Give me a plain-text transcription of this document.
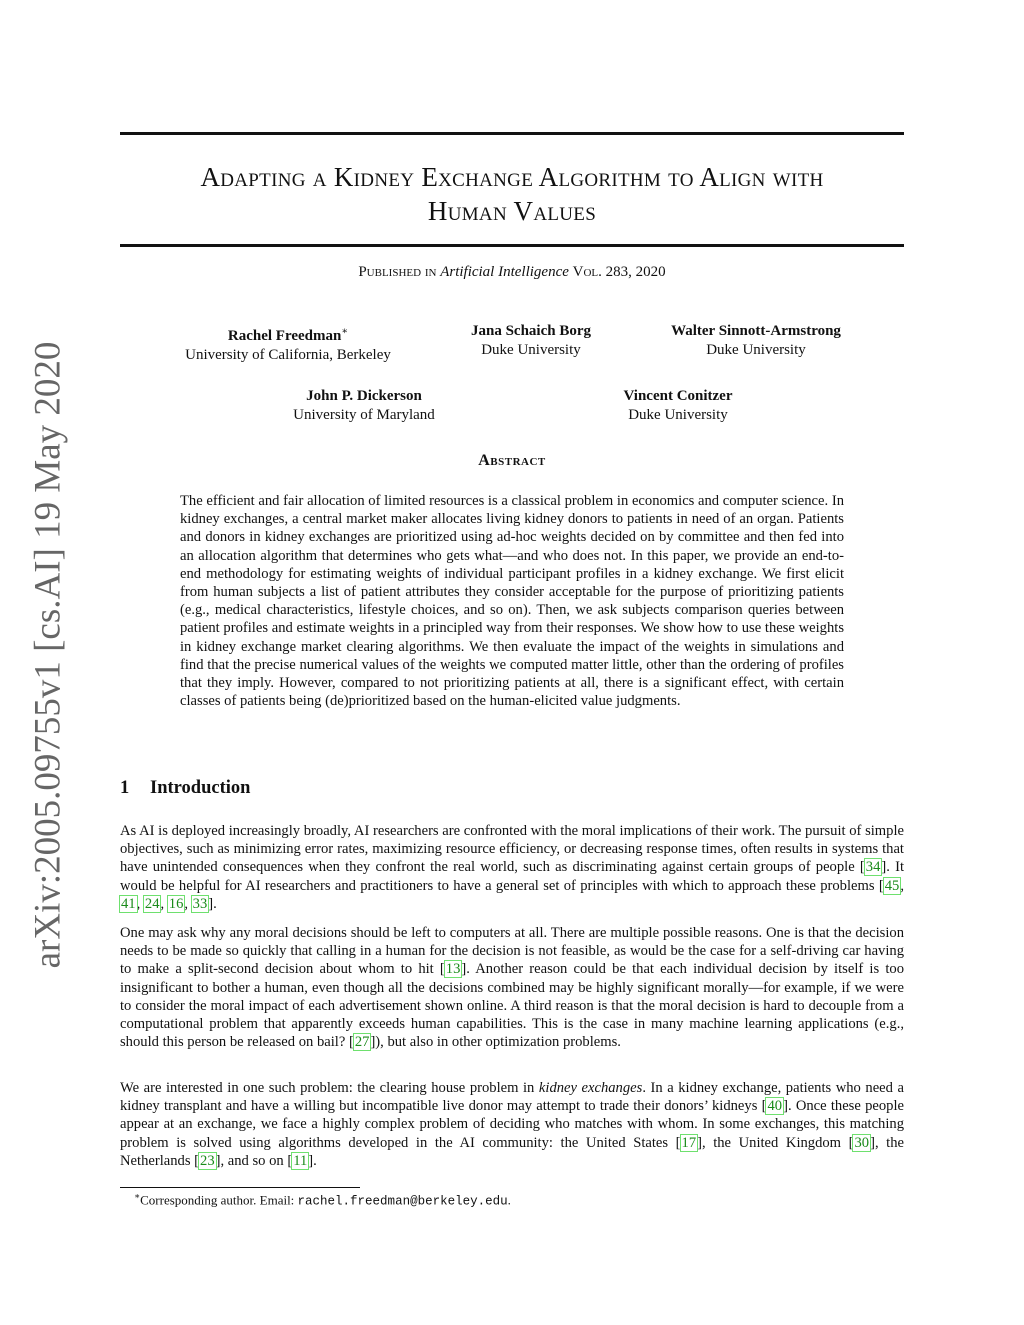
arXiv:2005.09755v1 [cs.AI] 19 May 2020
Adapting a Kidney Exchange Algorithm to Align with
Human Values
Published in Artificial Intelligence Vol. 283, 2020
Rachel Freedman∗
University of California, Berkeley
Jana Schaich Borg
Duke University
Walter Sinnott-Armstrong
Duke University
John P. Dickerson
University of Maryland
Vincent Conitzer
Duke University
Abstract
The efficient and fair allocation of limited resources is a classical problem in economics and computer science. In kidney exchanges, a central market maker allocates living kidney donors to patients in need of an organ. Patients and donors in kidney exchanges are prioritized using ad-hoc weights decided on by committee and then fed into an allocation algorithm that determines who gets what—and who does not. In this paper, we provide an end-to-end methodology for estimating weights of individual participant profiles in a kidney exchange. We first elicit from human subjects a list of patient attributes they consider acceptable for the purpose of prioritizing patients (e.g., medical characteristics, lifestyle choices, and so on). Then, we ask subjects comparison queries between patient profiles and estimate weights in a principled way from their responses. We show how to use these weights in kidney exchange market clearing algorithms. We then evaluate the impact of the weights in simulations and find that the precise numerical values of the weights we computed matter little, other than the ordering of profiles that they imply. However, compared to not prioritizing patients at all, there is a significant effect, with certain classes of patients being (de)prioritized based on the human-elicited value judgments.
1 Introduction

As AI is deployed increasingly broadly, AI researchers are confronted with the moral implications of their work. The pursuit of simple objectives, such as minimizing error rates, maximizing resource efficiency, or decreasing response times, often results in systems that have unintended consequences when they confront the real world, such as discriminating against certain groups of people [34]. It would be helpful for AI researchers and practitioners to have a general set of principles with which to approach these problems [45, 41, 24, 16, 33].

One may ask why any moral decisions should be left to computers at all. There are multiple possible reasons. One is that the decision needs to be made so quickly that calling in a human for the decision is not feasible, as would be the case for a self-driving car having to make a split-second decision about whom to hit [13]. Another reason could be that each individual decision by itself is too insignificant to bother a human, even though all the decisions combined may be highly significant morally—for example, if we were to consider the moral impact of each advertisement shown online. A third reason is that the moral decision is hard to decouple from a computational problem that apparently exceeds human capabilities. This is the case in many machine learning applications (e.g., should this person be released on bail? [27]), but also in other optimization problems.

We are interested in one such problem: the clearing house problem in kidney exchanges. In a kidney exchange, patients who need a kidney transplant and have a willing but incompatible live donor may attempt to trade their donors’ kidneys [40]. Once these people appear at an exchange, we face a highly complex problem of deciding who matches with whom. In some exchanges, this matching problem is solved using algorithms developed in the AI community: the United States [17], the United Kingdom [30], the Netherlands [23], and so on [11].

∗Corresponding author. Email: rachel.freedman@berkeley.edu.
